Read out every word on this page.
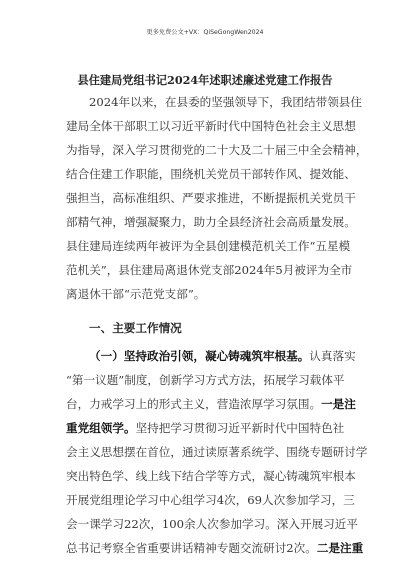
更多免费公文+VX：QiSeGongWen2024
县住建局党组书记2024年述职述廉述党建工作报告
2024年以来，在县委的坚强领导下，我团结带领县住
建局全体干部职工以习近平新时代中国特色社会主义思想
为指导，深入学习贯彻党的二十大及二十届三中全会精神，
结合住建工作职能，围绕机关党员干部转作风、提效能、
强担当，高标准组织、严要求推进，不断提振机关党员干
部精气神，增强凝聚力，助力全县经济社会高质量发展。
县住建局连续两年被评为全县创建模范机关工作“五星模
范机关”，县住建局离退休党支部2024年5月被评为全市
离退休干部“示范党支部”。
一、主要工作情况
（一）坚持政治引领，凝心铸魂筑牢根基。认真落实
“第一议题”制度，创新学习方式方法，拓展学习载体平
台，力戒学习上的形式主义，营造浓厚学习氛围。一是注
重党组领学。坚持把学习贯彻习近平新时代中国特色社
会主义思想摆在首位，通过读原著系统学、围绕专题研讨学
突出特色学、线上线下结合学等方式，凝心铸魂筑牢根本
开展党组理论学习中心组学习4次，69人次参加学习，三
会一课学习22次，100余人次参加学习。深入开展习近平
总书记考察全省重要讲话精神专题交流研讨2次。二是注重
